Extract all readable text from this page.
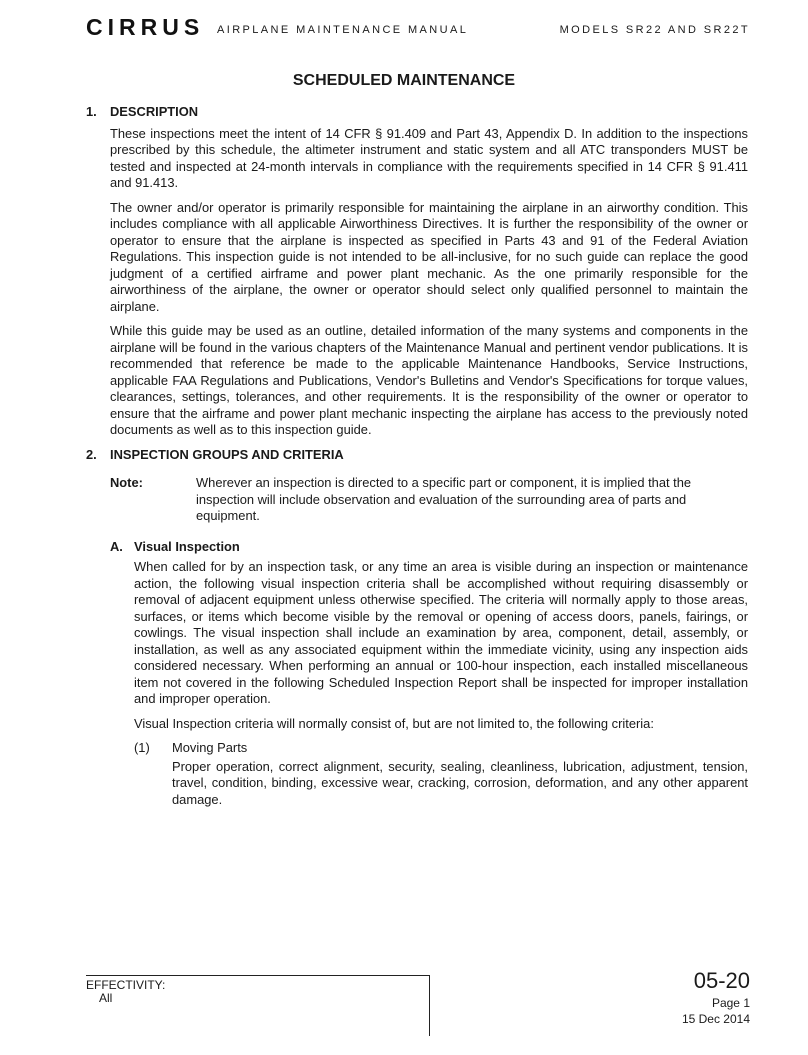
CIRRUS AIRPLANE MAINTENANCE MANUAL	MODELS SR22 AND SR22T
SCHEDULED MAINTENANCE
1.	DESCRIPTION

These inspections meet the intent of 14 CFR § 91.409 and Part 43, Appendix D. In addition to the inspections prescribed by this schedule, the altimeter instrument and static system and all ATC transponders MUST be tested and inspected at 24-month intervals in compliance with the requirements specified in 14 CFR § 91.411 and 91.413.

The owner and/or operator is primarily responsible for maintaining the airplane in an airworthy condition. This includes compliance with all applicable Airworthiness Directives. It is further the responsibility of the owner or operator to ensure that the airplane is inspected as specified in Parts 43 and 91 of the Federal Aviation Regulations. This inspection guide is not intended to be all-inclusive, for no such guide can replace the good judgment of a certified airframe and power plant mechanic. As the one primarily responsible for the airworthiness of the airplane, the owner or operator should select only qualified personnel to maintain the airplane.

While this guide may be used as an outline, detailed information of the many systems and components in the airplane will be found in the various chapters of the Maintenance Manual and pertinent vendor publications. It is recommended that reference be made to the applicable Maintenance Handbooks, Service Instructions, applicable FAA Regulations and Publications, Vendor's Bulletins and Vendor's Specifications for torque values, clearances, settings, tolerances, and other requirements. It is the responsibility of the owner or operator to ensure that the airframe and power plant mechanic inspecting the airplane has access to the previously noted documents as well as to this inspection guide.

2.	INSPECTION GROUPS AND CRITERIA
Note:	Wherever an inspection is directed to a specific part or component, it is implied that the inspection will include observation and evaluation of the surrounding area of parts and equipment.
A. Visual Inspection

When called for by an inspection task, or any time an area is visible during an inspection or maintenance action, the following visual inspection criteria shall be accomplished without requiring disassembly or removal of adjacent equipment unless otherwise specified. The criteria will normally apply to those areas, surfaces, or items which become visible by the removal or opening of access doors, panels, fairings, or cowlings. The visual inspection shall include an examination by area, component, detail, assembly, or installation, as well as any associated equipment within the immediate vicinity, using any inspection aids considered necessary. When performing an annual or 100-hour inspection, each installed miscellaneous item not covered in the following Scheduled Inspection Report shall be inspected for improper installation and improper operation.

Visual Inspection criteria will normally consist of, but are not limited to, the following criteria:

(1)	Moving Parts

Proper operation, correct alignment, security, sealing, cleanliness, lubrication, adjustment, tension, travel, condition, binding, excessive wear, cracking, corrosion, deformation, and any other apparent damage.

EFFECTIVITY:
All
05-20
Page 1
15 Dec 2014
